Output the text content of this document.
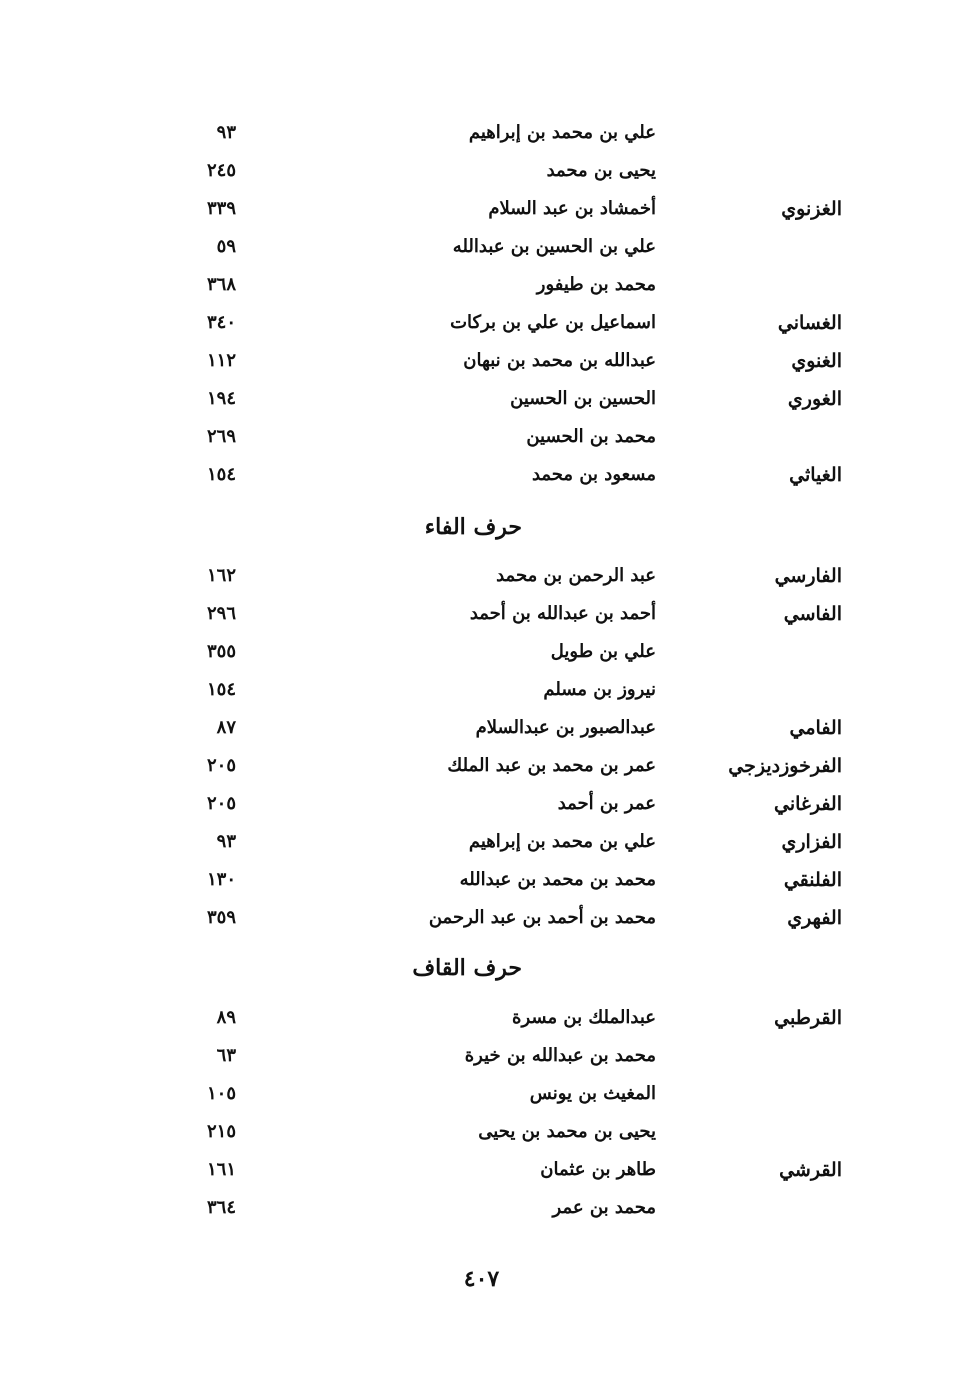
علي بن محمد بن إبراهيم
٩٣
يحيى بن محمد
٢٤٥
الغزنوي
أخمشاد بن عبد السلام
٣٣٩
علي بن الحسين بن عبدالله
٥٩
محمد بن طيفور
٣٦٨
الغساني
اسماعيل بن علي بن بركات
٣٤٠
الغنوي
عبدالله بن محمد بن نبهان
١١٢
الغوري
الحسين بن الحسين
١٩٤
محمد بن الحسين
٢٦٩
الغياثي
مسعود بن محمد
١٥٤
حرف الفاء
الفارسي
عبد الرحمن بن محمد
١٦٢
الفاسي
أحمد بن عبدالله بن أحمد
٢٩٦
علي بن طويل
٣٥٥
نيروز بن مسلم
١٥٤
الفامي
عبدالصبور بن عبدالسلام
٨٧
الفرخوزديزجي
عمر بن محمد بن عبد الملك
٢٠٥
الفرغاني
عمر بن أحمد
٢٠٥
الفزاري
علي بن محمد بن إبراهيم
٩٣
الفلنقي
محمد بن محمد بن عبدالله
١٣٠
الفهري
محمد بن أحمد بن عبد الرحمن
٣٥٩
حرف القاف
القرطبي
عبدالملك بن مسرة
٨٩
محمد بن عبدالله بن خيرة
٦٣
المغيث بن يونس
١٠٥
يحيى بن محمد بن يحيى
٢١٥
القرشي
طاهر بن عثمان
١٦١
محمد بن عمر
٣٦٤
٤٠٧
